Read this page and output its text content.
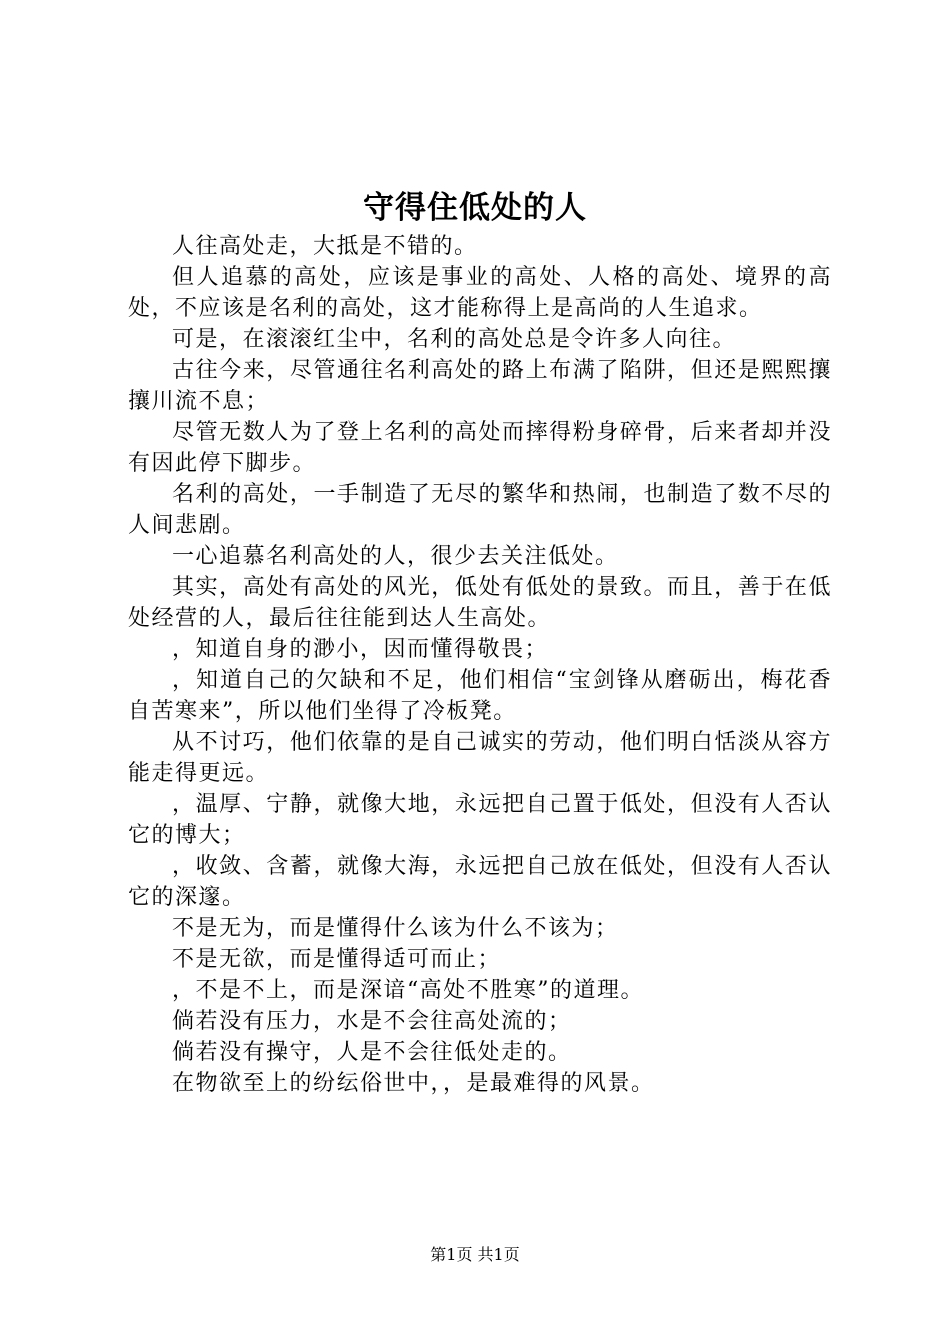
守得住低处的人

人往高处走，大抵是不错的。

但人追慕的高处，应该是事业的高处、人格的高处、境界的高处，不应该是名利的高处，这才能称得上是高尚的人生追求。

可是，在滚滚红尘中，名利的高处总是令许多人向往。

古往今来，尽管通往名利高处的路上布满了陷阱，但还是熙熙攘攘川流不息；

尽管无数人为了登上名利的高处而摔得粉身碎骨，后来者却并没有因此停下脚步。

名利的高处，一手制造了无尽的繁华和热闹，也制造了数不尽的人间悲剧。

一心追慕名利高处的人，很少去关注低处。

其实，高处有高处的风光，低处有低处的景致。而且，善于在低处经营的人，最后往往能到达人生高处。

，知道自身的渺小，因而懂得敬畏；

，知道自己的欠缺和不足，他们相信“宝剑锋从磨砺出，梅花香自苦寒来”，所以他们坐得了冷板凳。

从不讨巧，他们依靠的是自己诚实的劳动，他们明白恬淡从容方能走得更远。

，温厚、宁静，就像大地，永远把自己置于低处，但没有人否认它的博大；

，收敛、含蓄，就像大海，永远把自己放在低处，但没有人否认它的深邃。

不是无为，而是懂得什么该为什么不该为；

不是无欲，而是懂得适可而止；

，不是不上，而是深谙“高处不胜寒”的道理。

倘若没有压力，水是不会往高处流的；

倘若没有操守，人是不会往低处走的。

在物欲至上的纷纭俗世中，，是最难得的风景。

第1页 共1页
